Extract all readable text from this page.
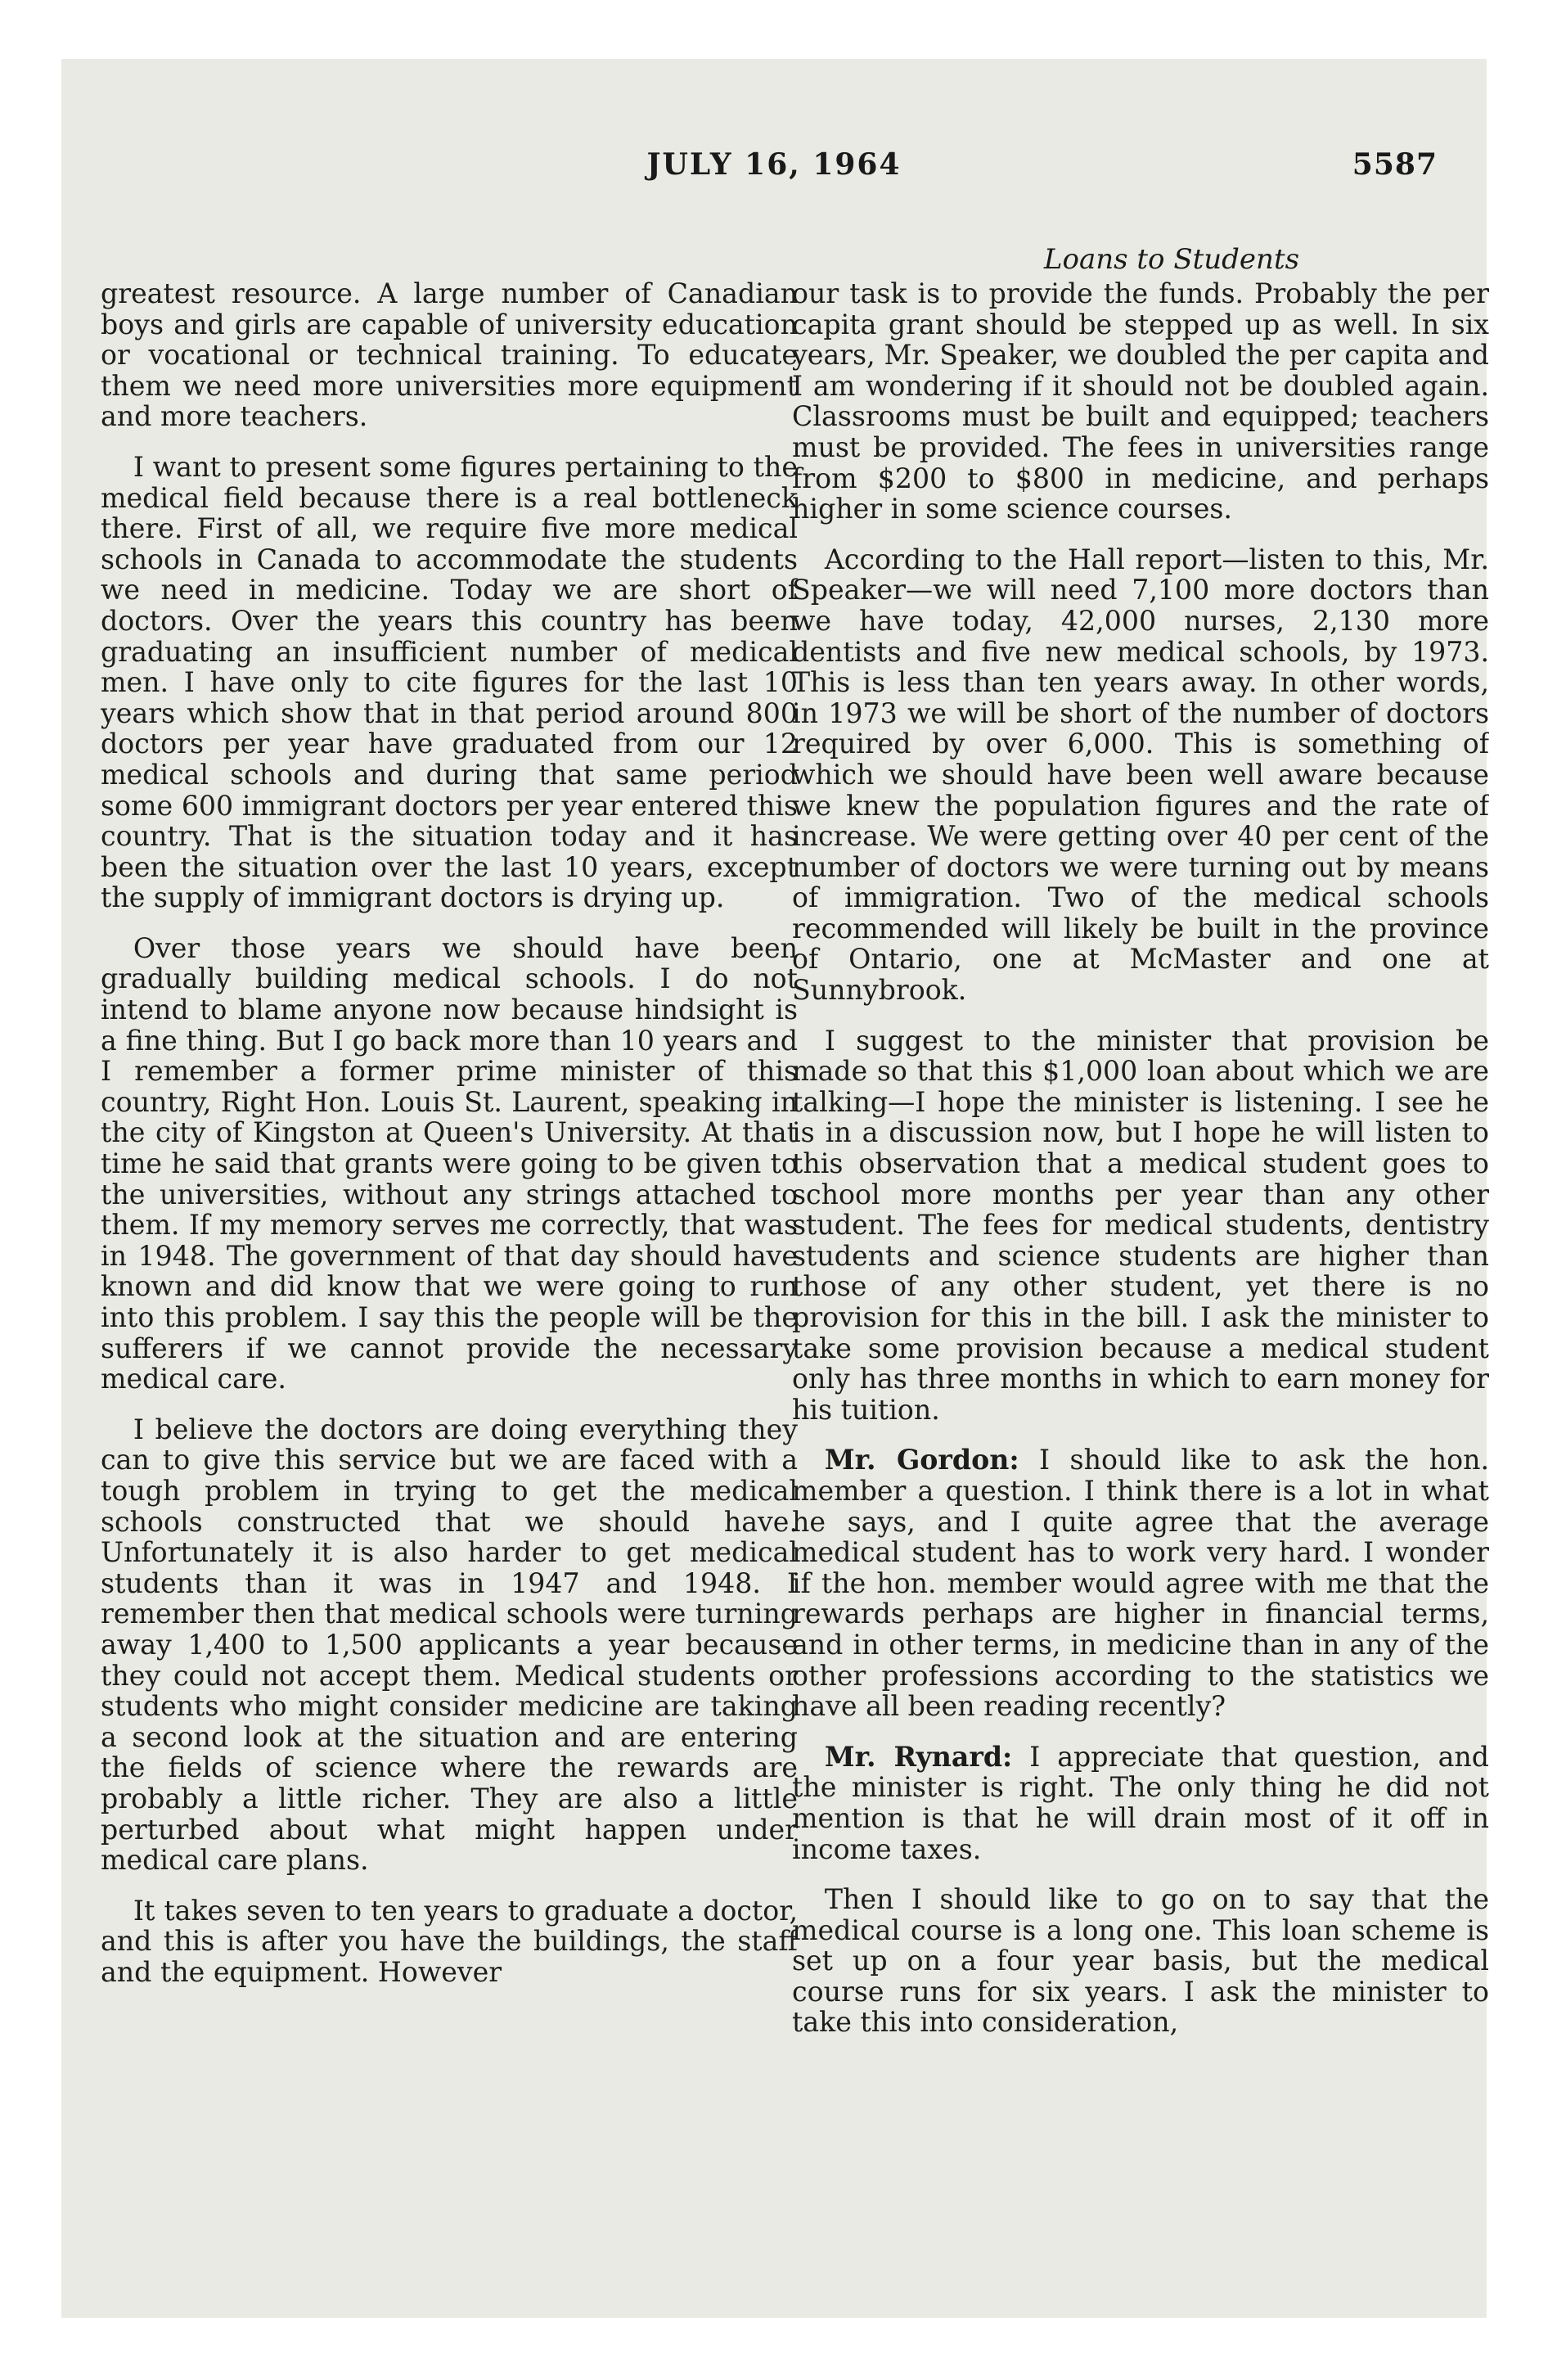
JULY 16, 1964	5587
Loans to Students

greatest resource. A large number of Canadian boys and girls are capable of university education or vocational or technical training. To educate them we need more universities more equipment and more teachers.

I want to present some figures pertaining to the medical field because there is a real bottleneck there. First of all, we require five more medical schools in Canada to accommodate the students we need in medicine. Today we are short of doctors. Over the years this country has been graduating an insufficient number of medical men. I have only to cite figures for the last 10 years which show that in that period around 800 doctors per year have graduated from our 12 medical schools and during that same period some 600 immigrant doctors per year entered this country. That is the situation today and it has been the situation over the last 10 years, except the supply of immigrant doctors is drying up.

Over those years we should have been gradually building medical schools. I do not intend to blame anyone now because hindsight is a fine thing. But I go back more than 10 years and I remember a former prime minister of this country, Right Hon. Louis St. Laurent, speaking in the city of Kingston at Queen's University. At that time he said that grants were going to be given to the universities, without any strings attached to them. If my memory serves me correctly, that was in 1948. The government of that day should have known and did know that we were going to run into this problem. I say this the people will be the sufferers if we cannot provide the necessary medical care.

I believe the doctors are doing everything they can to give this service but we are faced with a tough problem in trying to get the medical schools constructed that we should have. Unfortunately it is also harder to get medical students than it was in 1947 and 1948. I remember then that medical schools were turning away 1,400 to 1,500 applicants a year because they could not accept them. Medical students or students who might consider medicine are taking a second look at the situation and are entering the fields of science where the rewards are probably a little richer. They are also a little perturbed about what might happen under medical care plans.

It takes seven to ten years to graduate a doctor, and this is after you have the buildings, the staff and the equipment. However

our task is to provide the funds. Probably the per capita grant should be stepped up as well. In six years, Mr. Speaker, we doubled the per capita and I am wondering if it should not be doubled again. Classrooms must be built and equipped; teachers must be provided. The fees in universities range from $200 to $800 in medicine, and perhaps higher in some science courses.

According to the Hall report—listen to this, Mr. Speaker—we will need 7,100 more doctors than we have today, 42,000 nurses, 2,130 more dentists and five new medical schools, by 1973. This is less than ten years away. In other words, in 1973 we will be short of the number of doctors required by over 6,000. This is something of which we should have been well aware because we knew the population figures and the rate of increase. We were getting over 40 per cent of the number of doctors we were turning out by means of immigration. Two of the medical schools recommended will likely be built in the province of Ontario, one at McMaster and one at Sunnybrook.

I suggest to the minister that provision be made so that this $1,000 loan about which we are talking—I hope the minister is listening. I see he is in a discussion now, but I hope he will listen to this observation that a medical student goes to school more months per year than any other student. The fees for medical students, dentistry students and science students are higher than those of any other student, yet there is no provision for this in the bill. I ask the minister to take some provision because a medical student only has three months in which to earn money for his tuition.

Mr. Gordon: I should like to ask the hon. member a question. I think there is a lot in what he says, and I quite agree that the average medical student has to work very hard. I wonder if the hon. member would agree with me that the rewards perhaps are higher in financial terms, and in other terms, in medicine than in any of the other professions according to the statistics we have all been reading recently?

Mr. Rynard: I appreciate that question, and the minister is right. The only thing he did not mention is that he will drain most of it off in income taxes.

Then I should like to go on to say that the medical course is a long one. This loan scheme is set up on a four year basis, but the medical course runs for six years. I ask the minister to take this into consideration,
